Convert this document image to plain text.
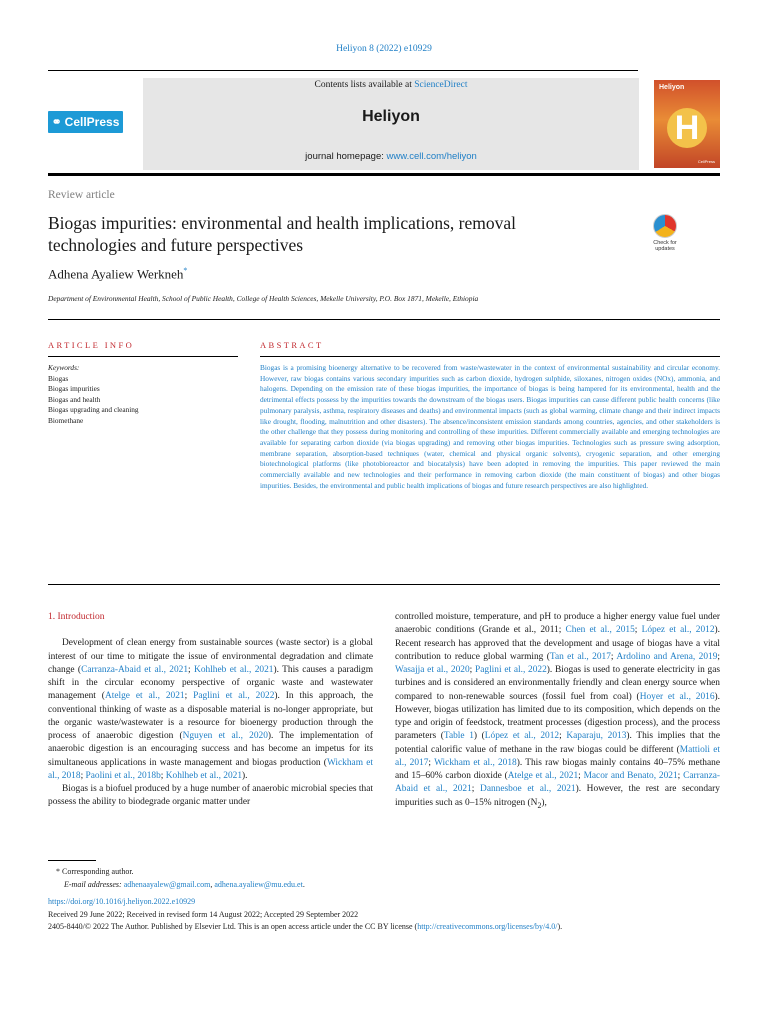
Heliyon 8 (2022) e10929
⚭ CellPress
Contents lists available at ScienceDirect
Heliyon
journal homepage: www.cell.com/heliyon
Heliyon
H
CellPress
Review article
Biogas impurities: environmental and health implications, removal technologies and future perspectives	Check for
updates
Adhena Ayaliew Werkneh*
Department of Environmental Health, School of Public Health, College of Health Sciences, Mekelle University, P.O. Box 1871, Mekelle, Ethiopia
ARTICLE INFO	ABSTRACT
Keywords:
Biogas
Biogas impurities
Biogas and health
Biogas upgrading and cleaning
Biomethane
Biogas is a promising bioenergy alternative to be recovered from waste/wastewater in the context of environmental sustainability and circular economy. However, raw biogas contains various secondary impurities such as carbon dioxide, hydrogen sulphide, siloxanes, nitrogen oxides (NOx), ammonia, and halogens. Depending on the emission rate of these biogas impurities, the importance of biogas is being hampered for its environmental, health and the detrimental effects possess by the impurities towards the downstream of the biogas users. Biogas impurities can cause different public health concerns (like pulmonary paralysis, asthma, respiratory diseases and deaths) and environmental impacts (such as global warming, climate change and their indirect impacts like drought, flooding, malnutrition and other disasters). The absence/inconsistent emission standards among countries, agencies, and other stakeholders is the other challenge that they possess during monitoring and controlling of these impurities. Different commercially available and emerging technologies are available for separating carbon dioxide (via biogas upgrading) and removing other biogas impurities. Technologies such as pressure swing adsorption, membrane separation, absorption-based techniques (water, chemical and physical organic solvents), cryogenic separation, and other emerging biotechnological platforms (like photobioreactor and biocatalysis) have been adopted in removing the impurities. This paper reviewed the main commercially available and new technologies and their performance in removing carbon dioxide (the main constituent of biogas) and other biogas impurities. Besides, the environmental and public health implications of biogas and future research perspectives are also highlighted.
1. Introduction

Development of clean energy from sustainable sources (waste sector) is a global interest of our time to mitigate the issue of environmental degradation and climate change (Carranza-Abaid et al., 2021; Kohlheb et al., 2021). This causes a paradigm shift in the circular economy perspective of organic waste and wastewater management (Atelge et al., 2021; Paglini et al., 2022). In this approach, the conventional thinking of waste as a disposable material is no-longer appropriate, but the organic waste/wastewater is a resource for bioenergy production through the process of anaerobic digestion (Nguyen et al., 2020). The implementation of anaerobic digestion is an encouraging success and has become an impetus for its simultaneous applications in waste management and biogas production (Wickham et al., 2018; Paolini et al., 2018b; Kohlheb et al., 2021).

Biogas is a biofuel produced by a huge number of anaerobic microbial species that possess the ability to biodegrade organic matter under

controlled moisture, temperature, and pH to produce a higher energy value fuel under anaerobic conditions (Grande et al., 2011; Chen et al., 2015; López et al., 2012). Recent research has approved that the development and usage of biogas have a vital contribution to reduce global warming (Tan et al., 2017; Ardolino and Arena, 2019; Wasajja et al., 2020; Paglini et al., 2022). Biogas is used to generate electricity in gas turbines and is considered an environmentally friendly and clean energy source when compared to non-renewable sources (fossil fuel from coal) (Hoyer et al., 2016). However, biogas utilization has limited due to its composition, which depends on the type and origin of feedstock, treatment processes (digestion process), and the process parameters (Table 1) (López et al., 2012; Kaparaju, 2013). This implies that the potential calorific value of methane in the raw biogas could be different (Mattioli et al., 2017; Wickham et al., 2018). This raw biogas mainly contains 40–75% methane and 15–60% carbon dioxide (Atelge et al., 2021; Macor and Benato, 2021; Carranza-Abaid et al., 2021; Dannesboe et al., 2021). However, the rest are secondary impurities such as 0–15% nitrogen $(N_2)$,

* Corresponding author.
E-mail addresses: adhenaayalew@gmail.com, adhena.ayaliew@mu.edu.et.
https://doi.org/10.1016/j.heliyon.2022.e10929
Received 29 June 2022; Received in revised form 14 August 2022; Accepted 29 September 2022
2405-8440/© 2022 The Author. Published by Elsevier Ltd. This is an open access article under the CC BY license (http://creativecommons.org/licenses/by/4.0/).
